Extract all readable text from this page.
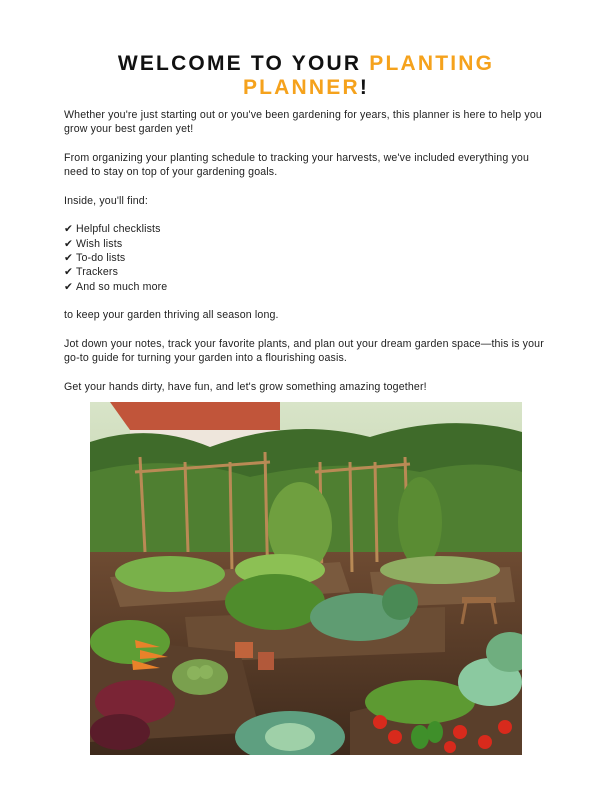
WELCOME TO YOUR PLANTING PLANNER!

Whether you're just starting out or you've been gardening for years, this planner is here to help you grow your best garden yet!

From organizing your planting schedule to tracking your harvests, we've included everything you need to stay on top of your gardening goals.

Inside, you'll find:

✔ Helpful checklists
✔ Wish lists
✔ To-do lists
✔ Trackers
✔ And so much more

to keep your garden thriving all season long.

Jot down your notes, track your favorite plants, and plan out your dream garden space—this is your go-to guide for turning your garden into a flourishing oasis.

Get your hands dirty, have fun, and let's grow something amazing together!
